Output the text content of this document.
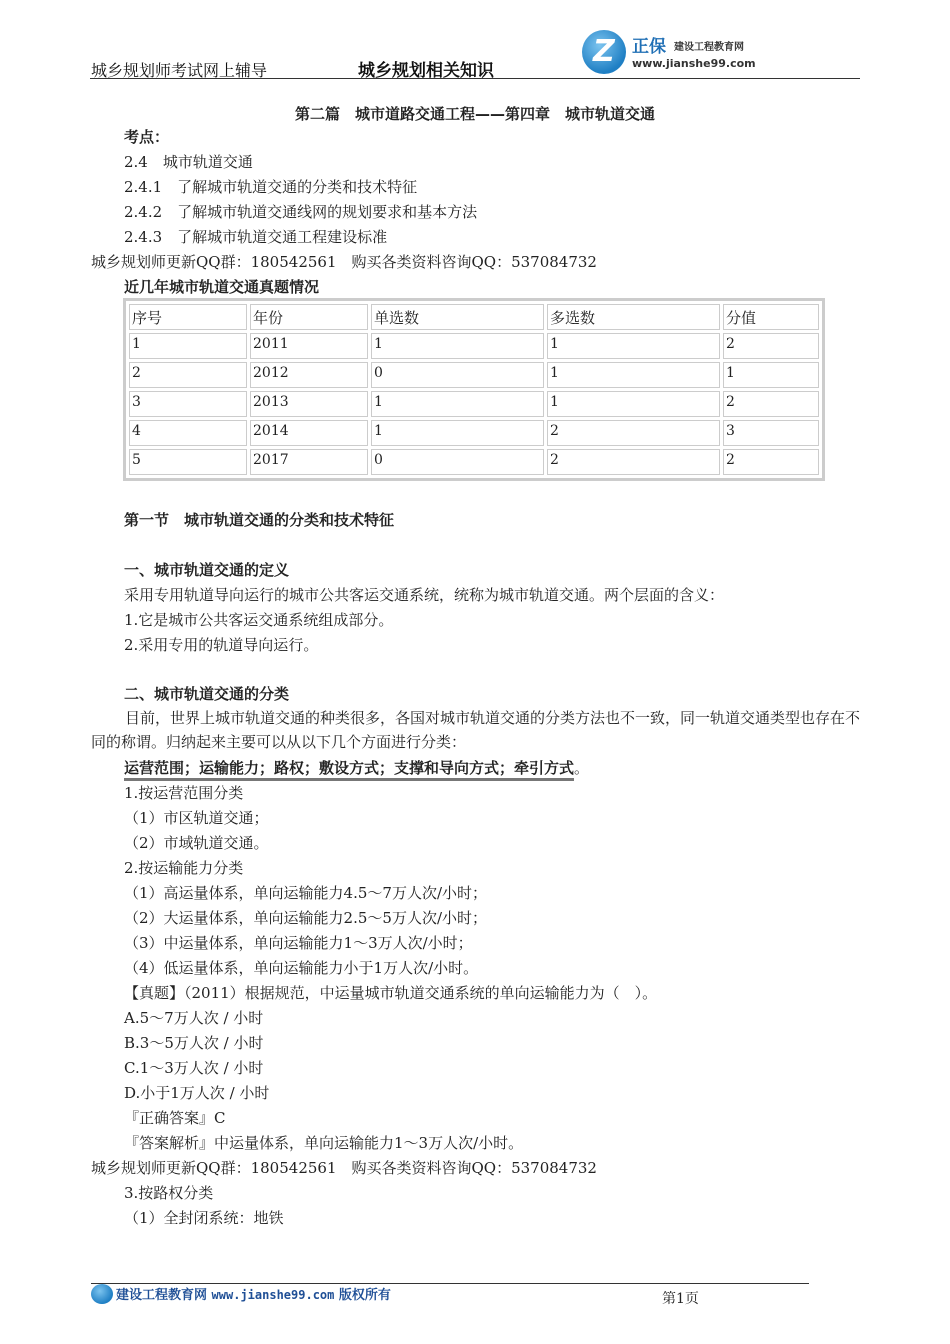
城乡规划师考试网上辅导	城乡规划相关知识
Z 正保 建设工程教育网
www.jianshe99.com
第二篇　城市道路交通工程——第四章　城市轨道交通
考点：
2.4　城市轨道交通
2.4.1　了解城市轨道交通的分类和技术特征
2.4.2　了解城市轨道交通线网的规划要求和基本方法
2.4.3　了解城市轨道交通工程建设标准
城乡规划师更新QQ群：180542561　购买各类资料咨询QQ：537084732
近几年城市轨道交通真题情况
序号	年份	单选数	多选数	分值
1	2011	1	1	2
2	2012	0	1	1
3	2013	1	1	2
4	2014	1	2	3
5	2017	0	2	2
第一节　城市轨道交通的分类和技术特征
一、城市轨道交通的定义
采用专用轨道导向运行的城市公共客运交通系统，统称为城市轨道交通。两个层面的含义：
1.它是城市公共客运交通系统组成部分。
2.采用专用的轨道导向运行。
二、城市轨道交通的分类
目前，世界上城市轨道交通的种类很多，各国对城市轨道交通的分类方法也不一致，同一轨道交通类型也存在不同的称谓。归纳起来主要可以从以下几个方面进行分类：
运营范围；运输能力；路权；敷设方式；支撑和导向方式；牵引方式。
1.按运营范围分类
（1）市区轨道交通；
（2）市域轨道交通。
2.按运输能力分类
（1）高运量体系，单向运输能力4.5～7万人次/小时；
（2）大运量体系，单向运输能力2.5～5万人次/小时；
（3）中运量体系，单向运输能力1～3万人次/小时；
（4）低运量体系，单向运输能力小于1万人次/小时。
【真题】（2011）根据规范，中运量城市轨道交通系统的单向运输能力为（　）。
A.5～7万人次 / 小时
B.3～5万人次 / 小时
C.1～3万人次 / 小时
D.小于1万人次 / 小时
『正确答案』C
『答案解析』中运量体系，单向运输能力1～3万人次/小时。
城乡规划师更新QQ群：180542561　购买各类资料咨询QQ：537084732
3.按路权分类
（1）全封闭系统：地铁
建设工程教育网 www.jianshe99.com 版权所有	第1页
